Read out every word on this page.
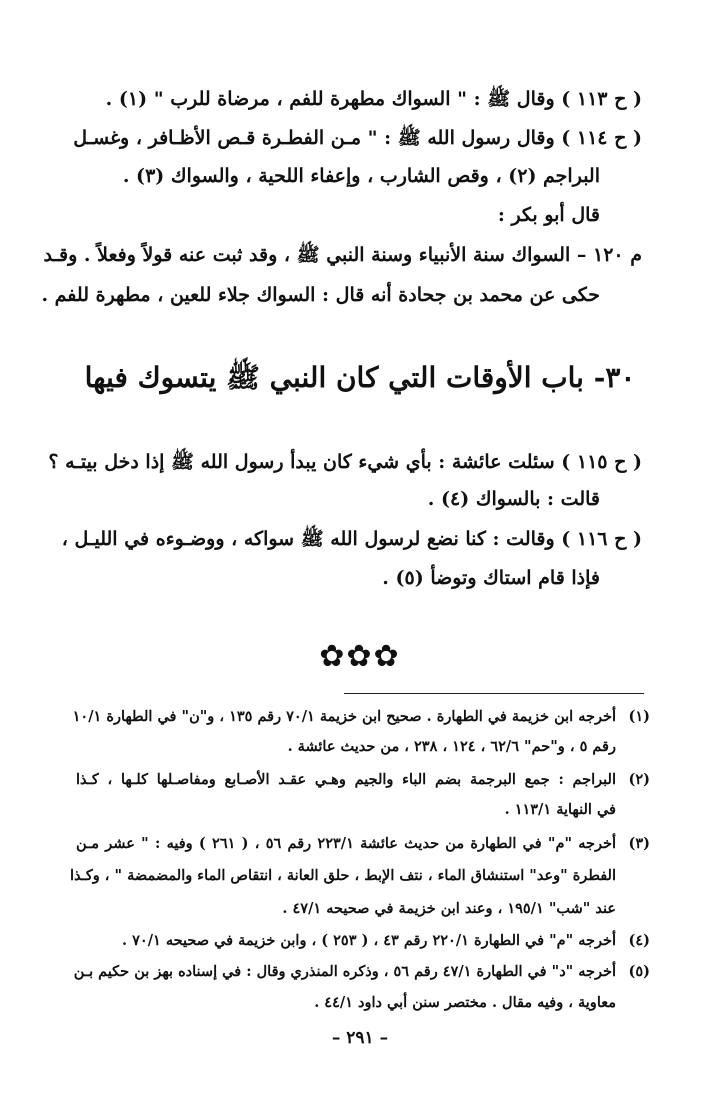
( ح ١١٣ ) وقال ﷺ : " السواك مطهرة للفم ، مرضاة للرب " (١) .
( ح ١١٤ ) وقال رسول الله ﷺ : " مـن الفطـرة قـص الأظـافر ، وغسـل
البراجم (٢) ، وقص الشارب ، وإعفاء اللحية ، والسواك (٣) .
قال أبو بكر :
م ١٢٠ – السواك سنة الأنبياء وسنة النبي ﷺ ، وقد ثبت عنه قولاً وفعلاً . وقـد
حكى عن محمد بن جحادة أنه قال : السواك جلاء للعين ، مطهرة للفم .
٣٠- باب الأوقات التي كان النبي ﷺ يتسوك فيها
( ح ١١٥ ) سئلت عائشة : بأي شيء كان يبدأ رسول الله ﷺ إذا دخل بيتـه ؟
قالت : بالسواك (٤) .
( ح ١١٦ ) وقالت : كنا نضع لرسول الله ﷺ سواكه ، ووضـوءه في الليـل ،
فإذا قام استاك وتوضأ (٥) .
✿✿✿
(١)أخرجه ابن خزيمة في الطهارة . صحيح ابن خزيمة ٧٠/١ رقم ١٣٥ ، و"ن" في الطهارة ١٠/١
رقم ٥ ، و"حم" ٦٢/٦ ، ١٢٤ ، ٢٣٨ ، من حديث عائشة .
(٢)البراجم : جمع البرجمة بضم الباء والجيم وهـي عقـد الأصـابع ومفاصـلها كلـها ، كـذا
في النهاية ١١٣/١ .
(٣)أخرجه "م" في الطهارة من حديث عائشة ٢٢٣/١ رقم ٥٦ ، ( ٢٦١ ) وفيه : " عشر مـن
الفطرة "وعد" استنشاق الماء ، نتف الإبط ، حلق العانة ، انتقاص الماء والمضمضة " ، وكـذا
عند "شب" ١٩٥/١ ، وعند ابن خزيمة في صحيحه ٤٧/١ .
(٤)أخرجه "م" في الطهارة ٢٢٠/١ رقم ٤٣ ، ( ٢٥٣ ) ، وابن خزيمة في صحيحه ٧٠/١ .
(٥)أخرجه "د" في الطهارة ٤٧/١ رقم ٥٦ ، وذكره المنذري وقال : في إسناده بهز بن حكيم بـن
معاوية ، وفيه مقال . مختصر سنن أبي داود ٤٤/١ .
– ٢٩١ –
